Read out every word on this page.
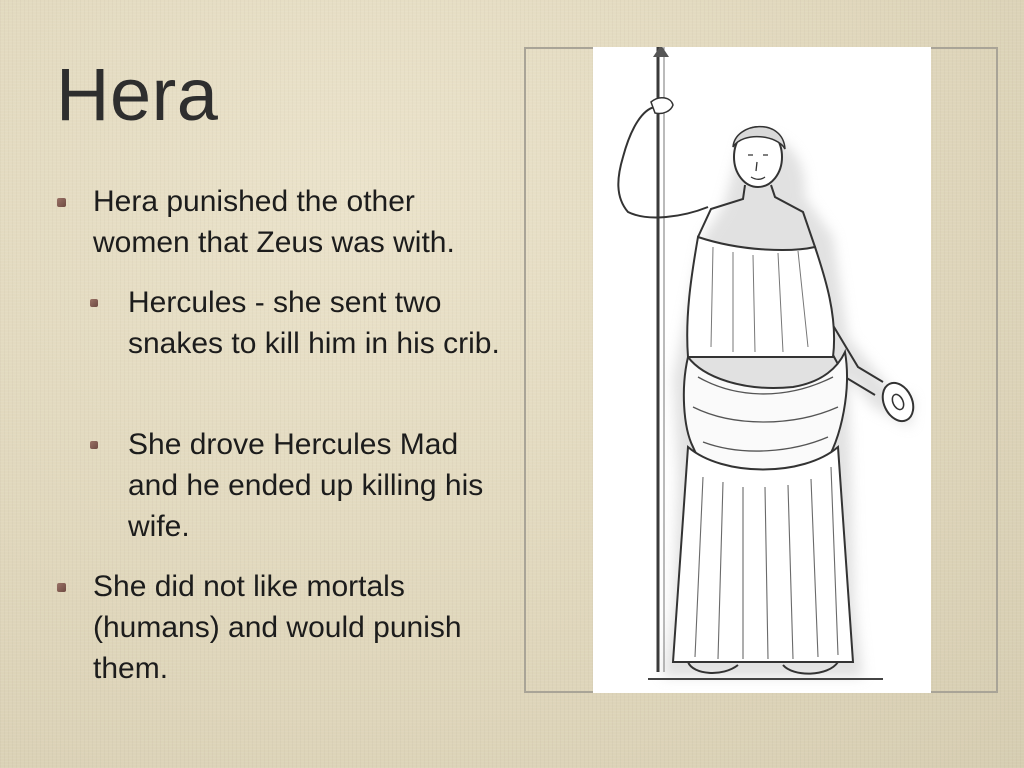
Hera
Hera punished the other women that Zeus was with.
Hercules - she sent two snakes to kill him in his crib.
She drove Hercules Mad and he ended up killing his wife.
She did not like mortals (humans) and would punish them.
